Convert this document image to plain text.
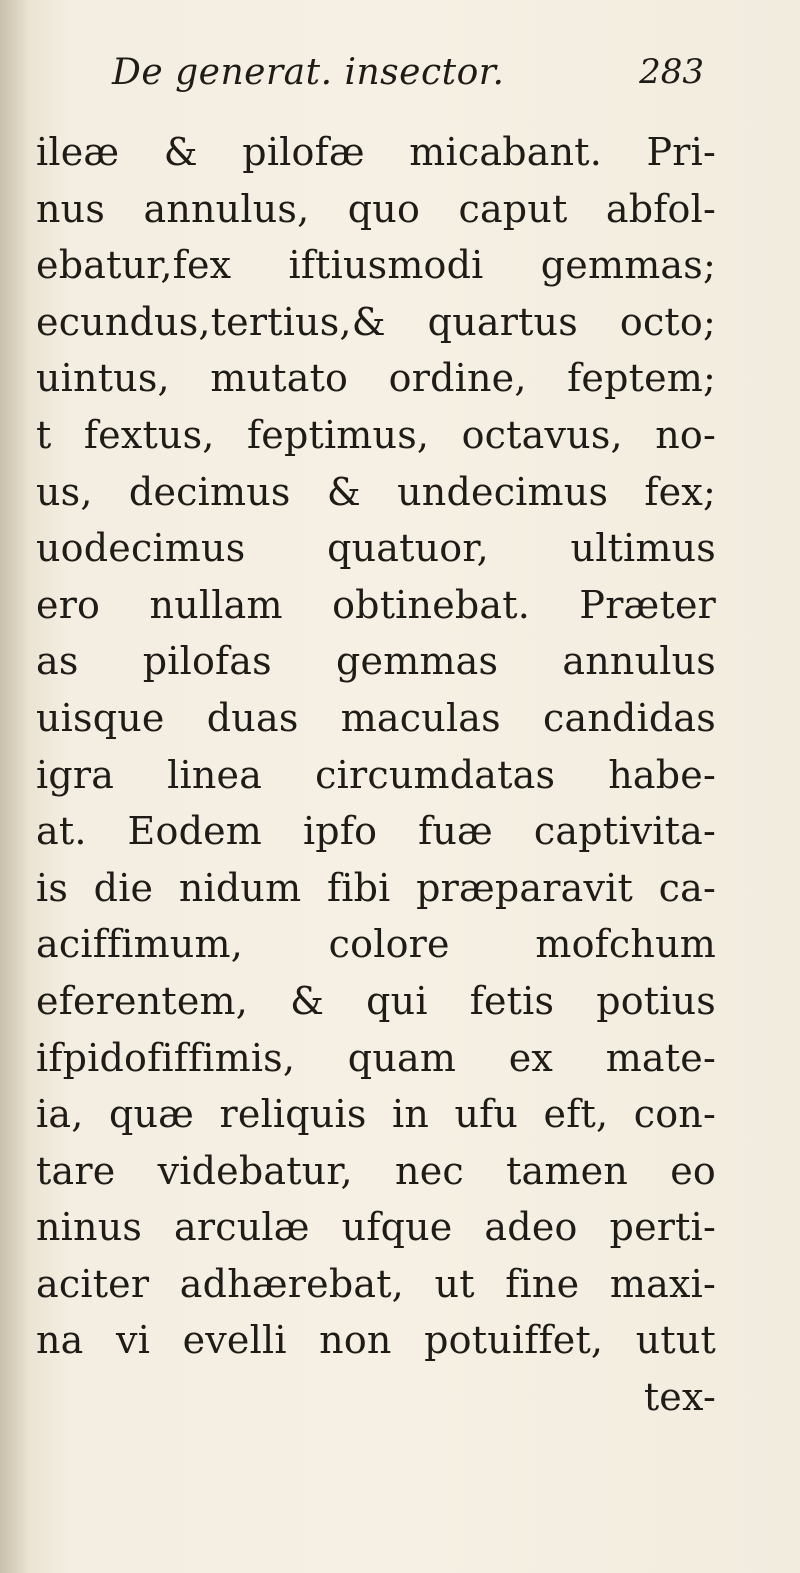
De generat. insector.	283
ileæ & pilofæ micabant. Pri-
nus annulus, quo caput abfol-
ebatur,fex iftiusmodi gemmas;
ecundus,tertius,& quartus octo;
uintus, mutato ordine, feptem;
t fextus, feptimus, octavus, no-
us, decimus & undecimus fex;
uodecimus quatuor, ultimus
ero nullam obtinebat. Præter
as pilofas gemmas annulus
uisque duas maculas candidas
igra linea circumdatas habe-
at. Eodem ipfo fuæ captivita-
is die nidum fibi præparavit ca-
aciffimum, colore mofchum
eferentem, & qui fetis potius
ifpidofiffimis, quam ex mate-
ia, quæ reliquis in ufu eft, con-
tare videbatur, nec tamen eo
ninus arculæ ufque adeo perti-
aciter adhærebat, ut fine maxi-
na vi evelli non potuiffet, utut
tex-
